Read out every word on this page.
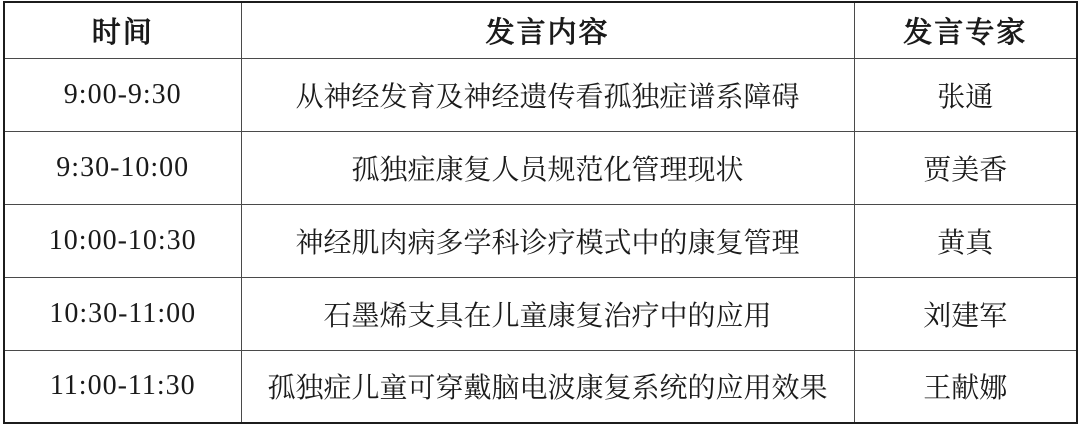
时间	发言内容	发言专家
9:00-9:30	从神经发育及神经遗传看孤独症谱系障碍	张通
9:30-10:00	孤独症康复人员规范化管理现状	贾美香
10:00-10:30	神经肌肉病多学科诊疗模式中的康复管理	黄真
10:30-11:00	石墨烯支具在儿童康复治疗中的应用	刘建军
11:00-11:30	孤独症儿童可穿戴脑电波康复系统的应用效果	王献娜
